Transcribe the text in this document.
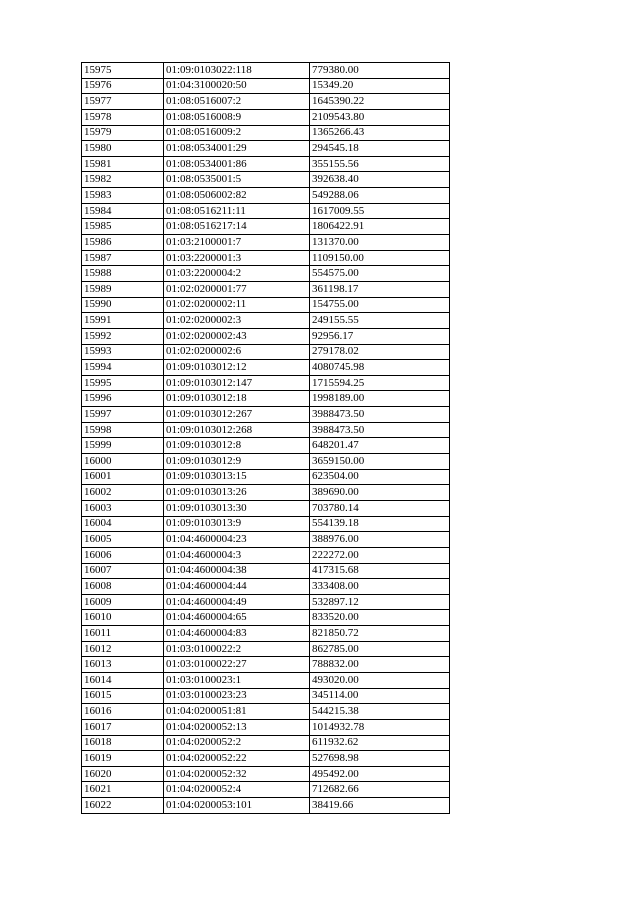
15975	01:09:0103022:118	779380.00
15976	01:04:3100020:50	15349.20
15977	01:08:0516007:2	1645390.22
15978	01:08:0516008:9	2109543.80
15979	01:08:0516009:2	1365266.43
15980	01:08:0534001:29	294545.18
15981	01:08:0534001:86	355155.56
15982	01:08:0535001:5	392638.40
15983	01:08:0506002:82	549288.06
15984	01:08:0516211:11	1617009.55
15985	01:08:0516217:14	1806422.91
15986	01:03:2100001:7	131370.00
15987	01:03:2200001:3	1109150.00
15988	01:03:2200004:2	554575.00
15989	01:02:0200001:77	361198.17
15990	01:02:0200002:11	154755.00
15991	01:02:0200002:3	249155.55
15992	01:02:0200002:43	92956.17
15993	01:02:0200002:6	279178.02
15994	01:09:0103012:12	4080745.98
15995	01:09:0103012:147	1715594.25
15996	01:09:0103012:18	1998189.00
15997	01:09:0103012:267	3988473.50
15998	01:09:0103012:268	3988473.50
15999	01:09:0103012:8	648201.47
16000	01:09:0103012:9	3659150.00
16001	01:09:0103013:15	623504.00
16002	01:09:0103013:26	389690.00
16003	01:09:0103013:30	703780.14
16004	01:09:0103013:9	554139.18
16005	01:04:4600004:23	388976.00
16006	01:04:4600004:3	222272.00
16007	01:04:4600004:38	417315.68
16008	01:04:4600004:44	333408.00
16009	01:04:4600004:49	532897.12
16010	01:04:4600004:65	833520.00
16011	01:04:4600004:83	821850.72
16012	01:03:0100022:2	862785.00
16013	01:03:0100022:27	788832.00
16014	01:03:0100023:1	493020.00
16015	01:03:0100023:23	345114.00
16016	01:04:0200051:81	544215.38
16017	01:04:0200052:13	1014932.78
16018	01:04:0200052:2	611932.62
16019	01:04:0200052:22	527698.98
16020	01:04:0200052:32	495492.00
16021	01:04:0200052:4	712682.66
16022	01:04:0200053:101	38419.66
